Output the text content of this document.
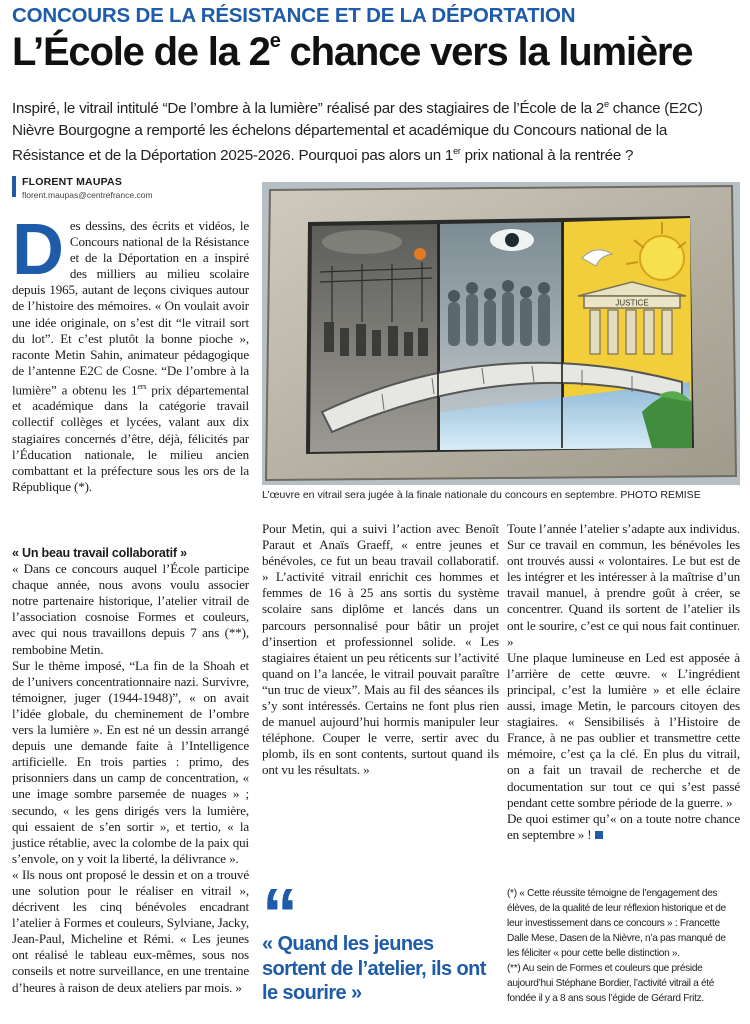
CONCOURS DE LA RÉSISTANCE ET DE LA DÉPORTATION
L’École de la 2e chance vers la lumière

Inspiré, le vitrail intitulé “De l’ombre à la lumière” réalisé par des stagiaires de l’École de la 2e chance (E2C) Nièvre Bourgogne a remporté les échelons départemental et académique du Concours national de la Résistance et de la Déportation 2025-2026. Pourquoi pas alors un 1er prix national à la rentrée ?

FLORENT MAUPAS
florent.maupas@centrefrance.com
JUSTICE
L’œuvre en vitrail sera jugée à la finale nationale du concours en septembre. PHOTO REMISE

Des dessins, des écrits et vidéos, le Concours national de la Résistance et de la Déportation en a inspiré des milliers au milieu scolaire depuis 1965, autant de leçons civiques autour de l’histoire des mémoires. « On voulait avoir une idée originale, on s’est dit “le vitrail sort du lot”. Et c’est plutôt la bonne pioche », raconte Metin Sahin, animateur pédagogique de l’antenne E2C de Cosne. “De l’ombre à la lumière” a obtenu les 1ers prix départemental et académique dans la catégorie travail collectif collèges et lycées, valant aux dix stagiaires concernés d’être, déjà, félicités par l’Éducation nationale, le milieu ancien combattant et la préfecture sous les ors de la République (*).

« Un beau travail collaboratif »

« Dans ce concours auquel l’École participe chaque année, nous avons voulu associer notre partenaire historique, l’atelier vitrail de l’association cosnoise Formes et couleurs, avec qui nous travaillons depuis 7 ans (**), rembobine Metin.

Sur le thème imposé, “La fin de la Shoah et de l’univers concentrationnaire nazi. Survivre, témoigner, juger (1944-1948)”, « on avait l’idée globale, du cheminement de l’ombre vers la lumière ». En est né un dessin arrangé depuis une demande faite à l’Intelligence artificielle. En trois parties : primo, des prisonniers dans un camp de concentration, « une image sombre parsemée de nuages » ; secundo, « les gens dirigés vers la lumière, qui essaient de s’en sortir », et tertio, « la justice rétablie, avec la colombe de la paix qui s’envole, on y voit la liberté, la délivrance ».

« Ils nous ont proposé le dessin et on a trouvé une solution pour le réaliser en vitrail », décrivent les cinq bénévoles encadrant l’atelier à Formes et couleurs, Sylviane, Jacky, Jean-Paul, Micheline et Rémi. « Les jeunes ont réalisé le tableau eux-mêmes, sous nos conseils et notre surveillance, en une trentaine d’heures à raison de deux ateliers par mois. »

Pour Metin, qui a suivi l’action avec Benoît Paraut et Anaïs Graeff, « entre jeunes et bénévoles, ce fut un beau travail collaboratif. » L’activité vitrail enrichit ces hommes et femmes de 16 à 25 ans sortis du système scolaire sans diplôme et lancés dans un parcours personnalisé pour bâtir un projet d’insertion et professionnel solide. « Les stagiaires étaient un peu réticents sur l’activité quand on l’a lancée, le vitrail pouvait paraître “un truc de vieux”. Mais au fil des séances ils s’y sont intéressés. Certains ne font plus rien de manuel aujourd’hui hormis manipuler leur téléphone. Couper le verre, sertir avec du plomb, ils en sont contents, surtout quand ils ont vu les résultats. »

Toute l’année l’atelier s’adapte aux individus. Sur ce travail en commun, les bénévoles les ont trouvés aussi « volontaires. Le but est de les intégrer et les intéresser à la maîtrise d’un travail manuel, à prendre goût à créer, se concentrer. Quand ils sortent de l’atelier ils ont le sourire, c’est ce qui nous fait continuer. »

Une plaque lumineuse en Led est apposée à l’arrière de cette œuvre. « L’ingrédient principal, c’est la lumière » et elle éclaire aussi, image Metin, le parcours citoyen des stagiaires. « Sensibilisés à l’Histoire de France, à ne pas oublier et transmettre cette mémoire, c’est ça la clé. En plus du vitrail, on a fait un travail de recherche et de documentation sur tout ce qui s’est passé pendant cette sombre période de la guerre. »

De quoi estimer qu’« on a toute notre chance en septembre » !

“
« Quand les jeunes sortent de l’atelier, ils ont le sourire »

(*) « Cette réussite témoigne de l’engagement des élèves, de la qualité de leur réflexion historique et de leur investissement dans ce concours » : Francette Dalle Mese, Dasen de la Nièvre, n’a pas manqué de les féliciter « pour cette belle distinction ».

(**) Au sein de Formes et couleurs que préside aujourd’hui Stéphane Bordier, l’activité vitrail a été fondée il y a 8 ans sous l’égide de Gérard Fritz.
